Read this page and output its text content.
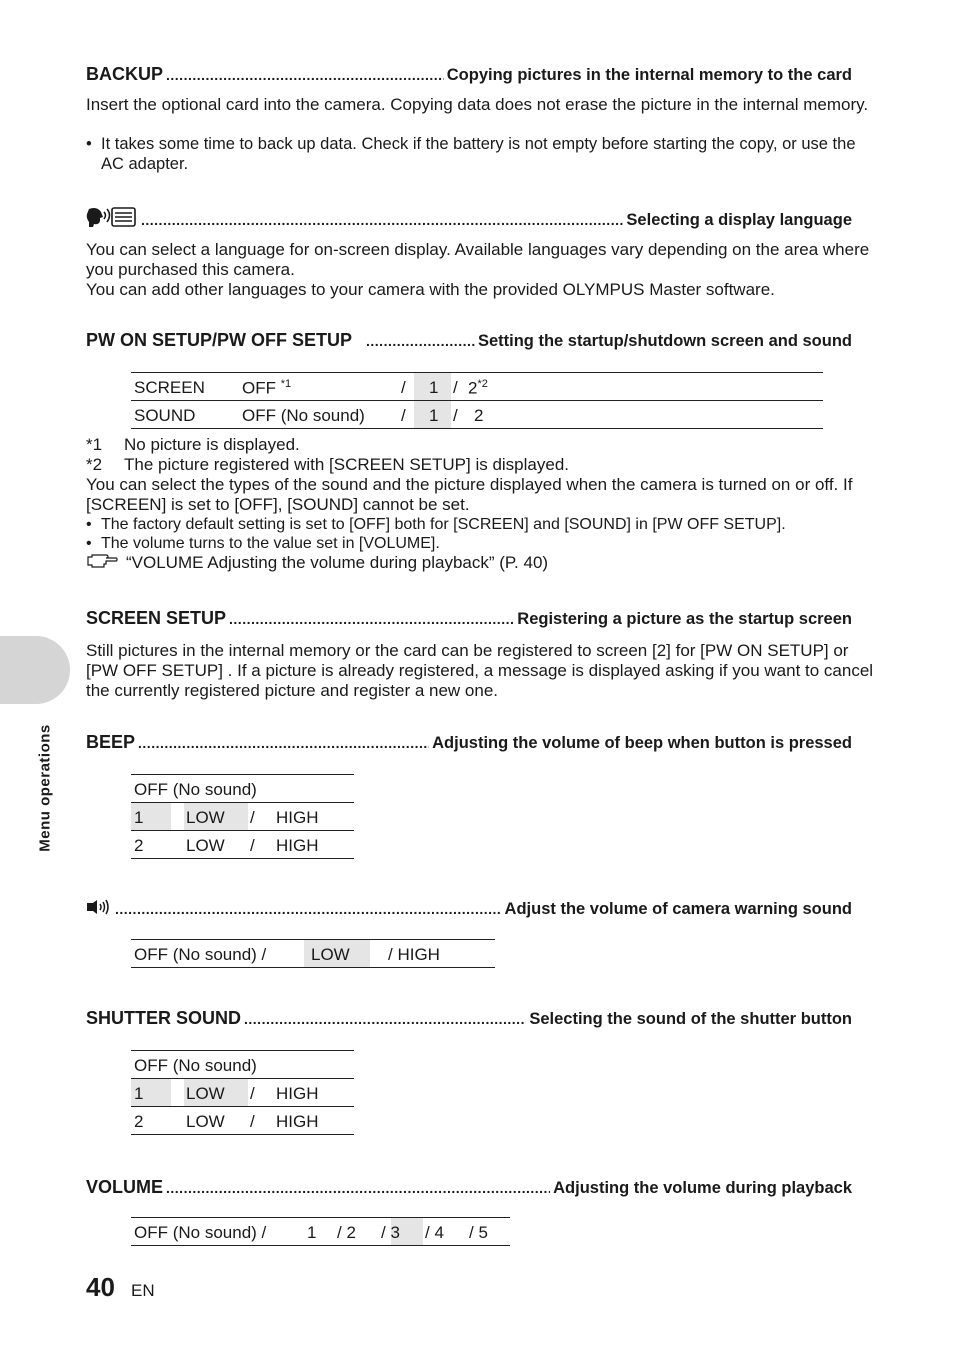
BACKUP .....	Copying pictures in the internal memory to the card
Insert the optional card into the camera. Copying data does not erase the picture in the internal memory.
• It takes some time to back up data. Check if the battery is not empty before starting the copy, or use the AC adapter.
.....
Selecting a display language
You can select a language for on-screen display. Available languages vary depending on the area where you purchased this camera.
You can add other languages to your camera with the provided OLYMPUS Master software.
PW ON SETUP/PW OFF SETUP .....	Setting the startup/shutdown screen and sound
SCREEN OFF $^{*1}$	/ 1 / 2$^{*2}$
SOUND	OFF (No sound) / 1 / 2
*1 No picture is displayed.
*2 The picture registered with [SCREEN SETUP] is displayed.
You can select the types of the sound and the picture displayed when the camera is turned on or off. If [SCREEN] is set to [OFF], [SOUND] cannot be set.
• The factory default setting is set to [OFF] both for [SCREEN] and [SOUND] in [PW OFF SETUP].
• The volume turns to the value set in [VOLUME].
“VOLUME Adjusting the volume during playback” (P. 40)
SCREEN SETUP .....	Registering a picture as the startup screen
Still pictures in the internal memory or the card can be registered to screen [2] for [PW ON SETUP] or [PW OFF SETUP] . If a picture is already registered, a message is displayed asking if you want to cancel the currently registered picture and register a new one.
BEEP .....	Adjusting the volume of beep when button is pressed
OFF (No sound)
1	LOW / HIGH
2	LOW / HIGH
.....
Adjust the volume of camera warning sound
OFF (No sound) /	LOW / HIGH
SHUTTER SOUND .....	Selecting the sound of the shutter button
OFF (No sound)
1	LOW / HIGH
2	LOW / HIGH
VOLUME .....	Adjusting the volume during playback
OFF (No sound) / 1 / 2 / 3 / 4 / 5
40 EN
Menu operations
